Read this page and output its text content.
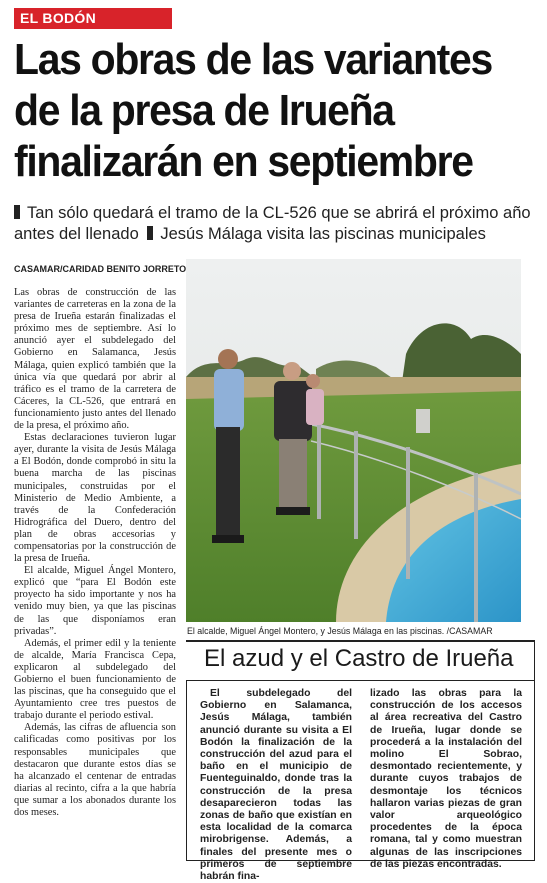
EL BODÓN
Las obras de las variantes de la presa de Irueña finalizarán en septiembre
Tan sólo quedará el tramo de la CL-526 que se abrirá el próximo año antes del llenado Jesús Málaga visita las piscinas municipales
CASAMAR/CARIDAD BENITO JORRETO

Las obras de construcción de las variantes de carreteras en la zona de la presa de Irueña estarán finalizadas el próximo mes de septiembre. Así lo anunció ayer el subdelegado del Gobierno en Salamanca, Jesús Málaga, quien explicó también que la única vía que quedará por abrir al tráfico es el tramo de la carretera de Cáceres, la CL-526, que entrará en funcionamiento justo antes del llenado de la presa, el próximo año.

Estas declaraciones tuvieron lugar ayer, durante la visita de Jesús Málaga a El Bodón, donde comprobó in situ la buena marcha de las piscinas municipales, construidas por el Ministerio de Medio Ambiente, a través de la Confederación Hidrográfica del Duero, dentro del plan de obras accesorias y compensatorias por la construcción de la presa de Irueña.

El alcalde, Miguel Ángel Montero, explicó que “para El Bodón este proyecto ha sido importante y nos ha venido muy bien, ya que las piscinas de las que disponíamos eran privadas”.

Además, el primer edil y la teniente de alcalde, María Francisca Cepa, explicaron al subdelegado del Gobierno el buen funcionamiento de las piscinas, que ha conseguido que el Ayuntamiento cree tres puestos de trabajo durante el periodo estival.

Además, las cifras de afluencia son calificadas como positivas por los responsables municipales que destacaron que durante estos días se ha alcanzado el centenar de entradas diarias al recinto, cifra a la que habría que sumar a los abonados durante los dos meses.

El alcalde, Miguel Ángel Montero, y Jesús Málaga en las piscinas. /CASAMAR
El azud y el Castro de Irueña

El subdelegado del Gobierno en Salamanca, Jesús Málaga, también anunció durante su visita a El Bodón la finalización de la construcción del azud para el baño en el municipio de Fuenteguinaldo, donde tras la construcción de la presa desaparecieron todas las zonas de baño que existían en esta localidad de la comarca mirobrigense. Además, a finales del presente mes o primeros de septiembre habrán fina-

lizado las obras para la construcción de los accesos al área recreativa del Castro de Irueña, lugar donde se procederá a la instalación del molino El Sobrao, desmontado recientemente, y durante cuyos trabajos de desmontaje los técnicos hallaron varias piezas de gran valor arqueológico procedentes de la época romana, tal y como muestran algunas de las inscripciones de las piezas encontradas.
